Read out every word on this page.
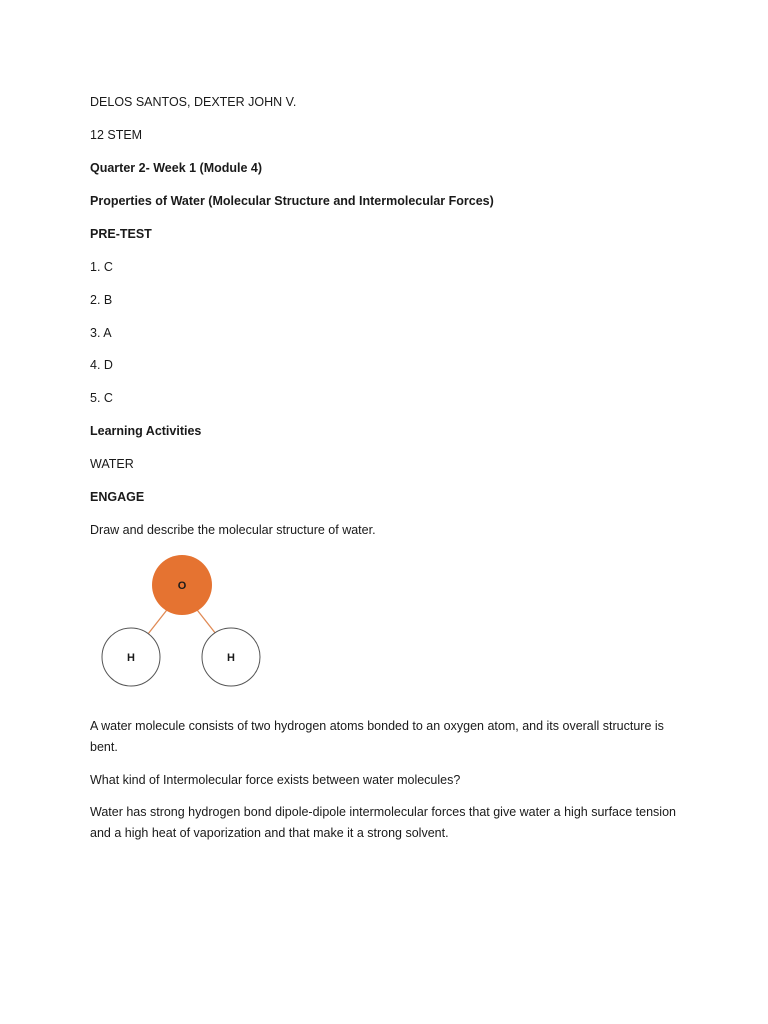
DELOS SANTOS, DEXTER JOHN V.
12 STEM
Quarter 2- Week 1 (Module 4)
Properties of Water (Molecular Structure and Intermolecular Forces)
PRE-TEST
1. C
2. B
3. A
4. D
5. C
Learning Activities
WATER
ENGAGE
Draw and describe the molecular structure of water.
O
H	H
A water molecule consists of two hydrogen atoms bonded to an oxygen atom, and its overall structure is bent.
What kind of Intermolecular force exists between water molecules?
Water has strong hydrogen bond dipole-dipole intermolecular forces that give water a high surface tension and a high heat of vaporization and that make it a strong solvent.
